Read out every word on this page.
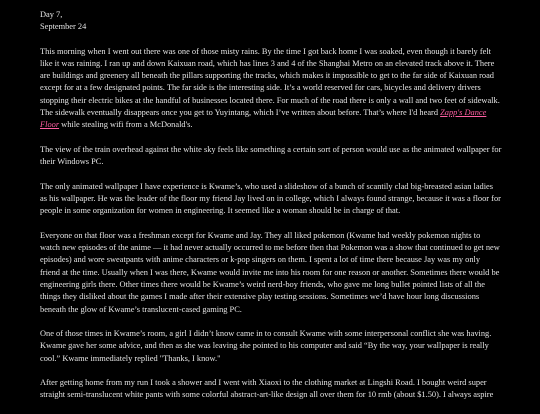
Day 7,
September 24

This morning when I went out there was one of those misty rains. By the time I got back home I was soaked, even though it barely felt like it was raining. I ran up and down Kaixuan road, which has lines 3 and 4 of the Shanghai Metro on an elevated track above it. There are buildings and greenery all beneath the pillars supporting the tracks, which makes it impossible to get to the far side of Kaixuan road except for at a few designated points. The far side is the interesting side. It’s a world reserved for cars, bicycles and delivery drivers stopping their electric bikes at the handful of businesses located there. For much of the road there is only a wall and two feet of sidewalk. The sidewalk eventually disappears once you get to Yuyintang, which I’ve written about before. That’s where I'd heard Zapp's Dance Floor while stealing wifi from a McDonald's.

The view of the train overhead against the white sky feels like something a certain sort of person would use as the animated wallpaper for their Windows PC.

The only animated wallpaper I have experience is Kwame’s, who used a slideshow of a bunch of scantily clad big-breasted asian ladies as his wallpaper. He was the leader of the floor my friend Jay lived on in college, which I always found strange, because it was a floor for people in some organization for women in engineering. It seemed like a woman should be in charge of that.

Everyone on that floor was a freshman except for Kwame and Jay. They all liked pokemon (Kwame had weekly pokemon nights to watch new episodes of the anime — it had never actually occurred to me before then that Pokemon was a show that continued to get new episodes) and wore sweatpants with anime characters or k-pop singers on them. I spent a lot of time there because Jay was my only friend at the time. Usually when I was there, Kwame would invite me into his room for one reason or another. Sometimes there would be engineering girls there. Other times there would be Kwame’s weird nerd-boy friends, who gave me long bullet pointed lists of all the things they disliked about the games I made after their extensive play testing sessions. Sometimes we’d have hour long discussions beneath the glow of Kwame’s translucent-cased gaming PC.

One of those times in Kwame’s room, a girl I didn’t know came in to consult Kwame with some interpersonal conflict she was having. Kwame gave her some advice, and then as she was leaving she pointed to his computer and said “By the way, your wallpaper is really cool.” Kwame immediately replied "Thanks, I know."

After getting home from my run I took a shower and I went with Xiaoxi to the clothing market at Lingshi Road. I bought weird super straight semi-translucent white pants with some colorful abstract-art-like design all over them for 10 rmb (about $1.50). I always aspire
